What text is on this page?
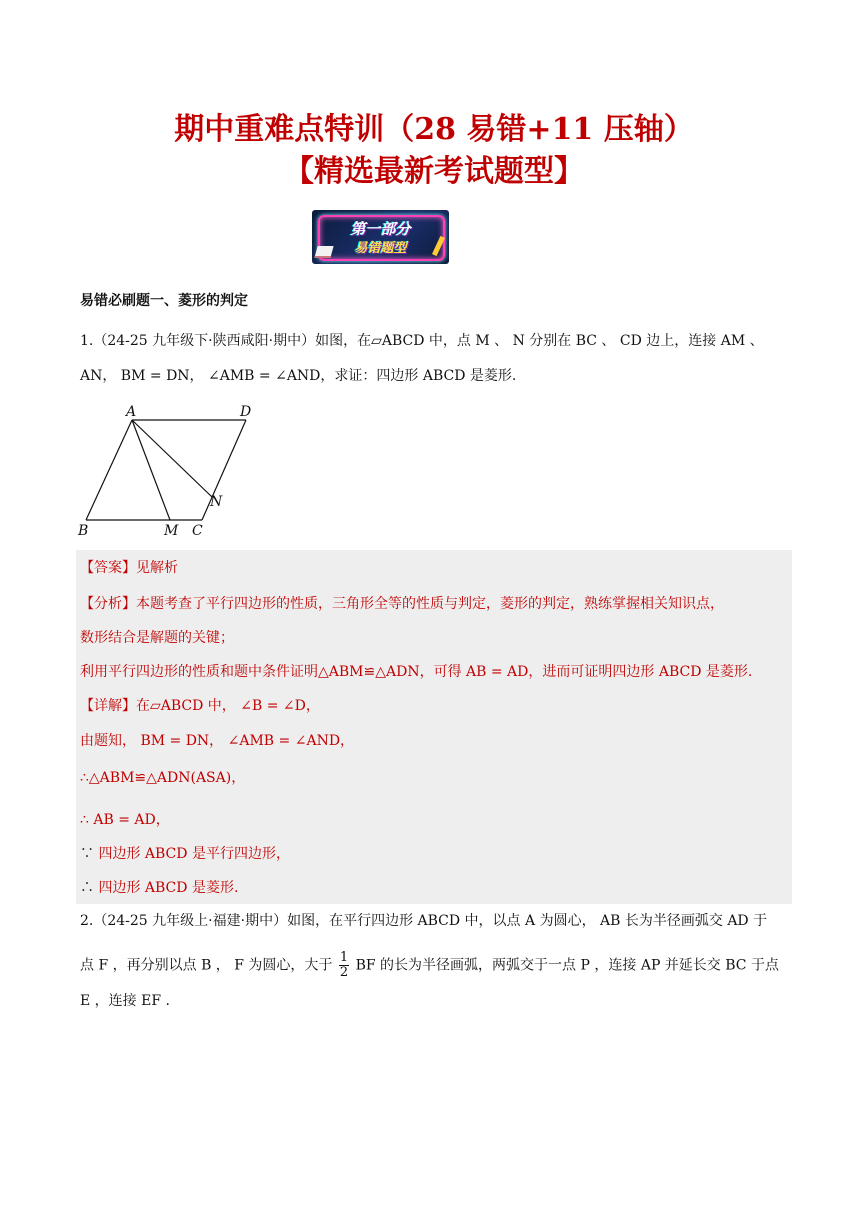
期中重难点特训（28 易错+11 压轴）
【精选最新考试题型】
第一部分
易错题型
易错必刷题一、菱形的判定
1.（24-25 九年级下·陕西咸阳·期中）如图，在▱ABCD 中，点 M 、 N 分别在 BC 、 CD 边上，连接 AM 、
AN， BM = DN， ∠AMB = ∠AND，求证：四边形 ABCD 是菱形.
A	D
B	M C
N
【答案】见解析
【分析】本题考查了平行四边形的性质，三角形全等的性质与判定，菱形的判定，熟练掌握相关知识点，
数形结合是解题的关键；
利用平行四边形的性质和题中条件证明△ABM≌△ADN，可得 AB = AD，进而可证明四边形 ABCD 是菱形.
【详解】在▱ABCD 中， ∠B = ∠D，
由题知， BM = DN， ∠AMB = ∠AND，
∴△ABM≌△ADN(ASA)，
∴ AB = AD，
∵ 四边形 ABCD 是平行四边形，
∴ 四边形 ABCD 是菱形.
2.（24-25 九年级上·福建·期中）如图，在平行四边形 ABCD 中，以点 A 为圆心， AB 长为半径画弧交 AD 于
点 F ，再分别以点 B ， F 为圆心，大于 $\frac{1}{2}$ BF 的长为半径画弧，两弧交于一点 P ，连接 AP 并延长交 BC 于点
E ，连接 EF .
